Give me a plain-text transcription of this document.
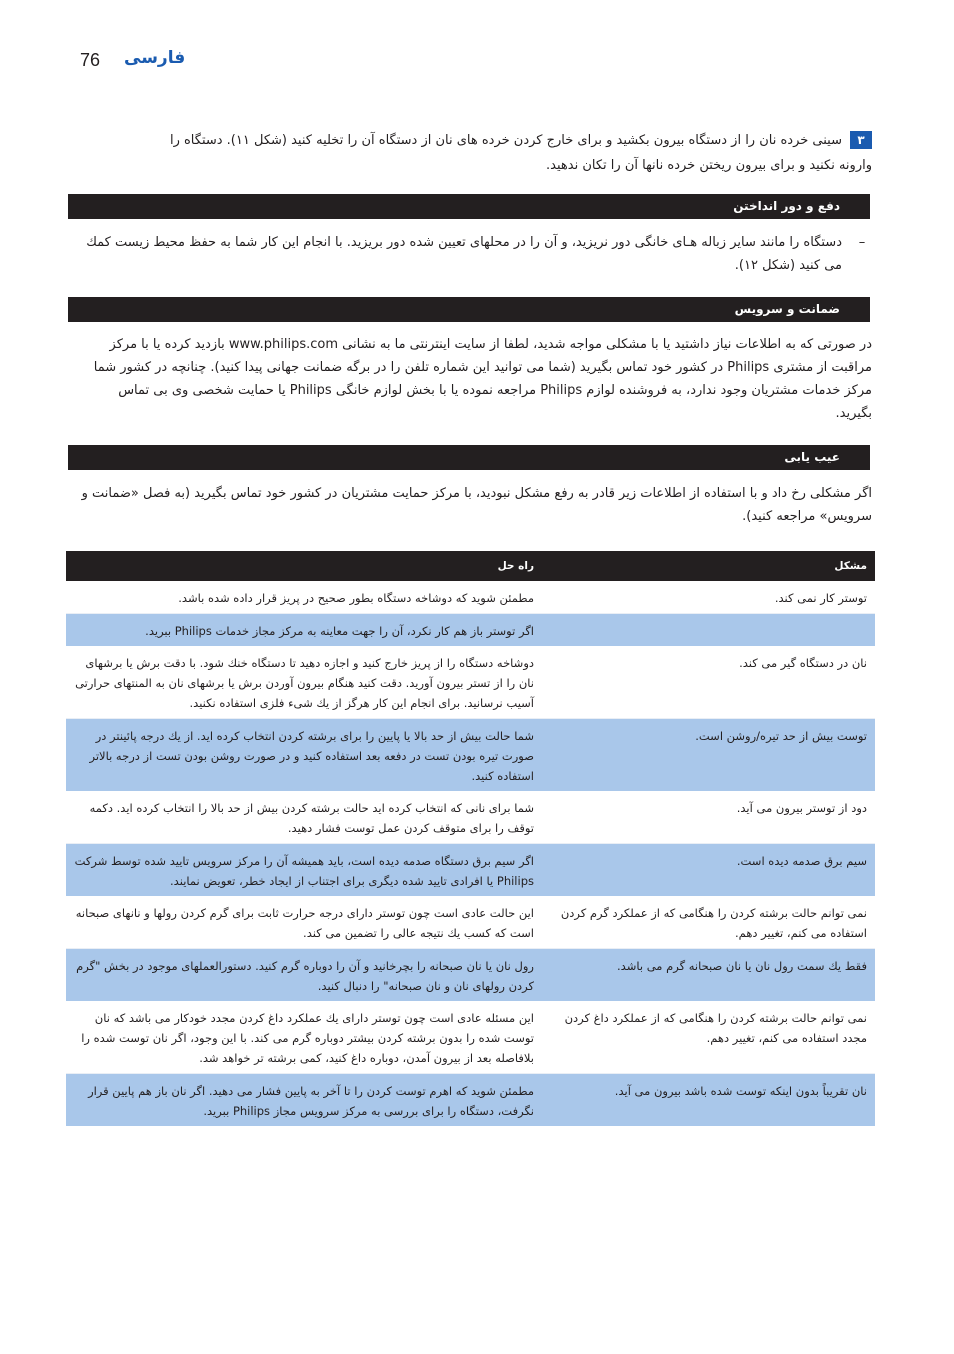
76	فارسی
۳
سینی خرده نان را از دستگاه بیرون بکشید و برای خارج کردن خرده های نان از دستگاه آن را تخلیه کنید (شکل ۱۱). دستگاه را وارونه نکنید و برای بیرون ریختن خرده نانها آن را تکان ندهید.
دفع و دور انداختن
–
دستگاه را مانند سایر زباله هـای خانگی دور نریزید، و آن را در محلهای تعیین شده دور بریزید. با انجام این کار شما به حفظ محیط زیست کمك می کنید (شکل ۱۲).
ضمانت و سرویس
در صورتی که به اطلاعات نیاز داشتید یا با مشکلی مواجه شدید، لطفا از سایت اینترنتی ما به نشانی www.philips.com بازدید کرده یا با مرکز مراقبت از مشتری Philips در کشور خود تماس بگیرید (شما می توانید این شماره تلفن را در برگه ضمانت جهانی پیدا کنید). چنانچه در کشور شما مرکز خدمات مشتریان وجود ندارد، به فروشنده لوازم Philips مراجعه نموده یا با بخش لوازم خانگی Philips یا حمایت شخصی وی بی تماس بگیرید.
عیب یابی
اگر مشکلی رخ داد و با استفاده از اطلاعات زیر قادر به رفع مشکل نبودید، با مرکز حمایت مشتریان در کشور خود تماس بگیرید (به فصل «ضمانت و سرویس» مراجعه کنید).
مشکل	راه حل
توستر کار نمی کند.	مطمئن شوید که دوشاخه دستگاه بطور صحیح در پریز قرار داده شده باشد.
	اگر توستر باز هم کار نکرد، آن را جهت معاینه به مرکز مجاز خدمات Philips ببرید.
نان در دستگاه گیر می کند.	دوشاخه دستگاه را از پریز خارج کنید و اجازه دهید تا دستگاه خنك شود. با دقت برش یا برشهای نان را از تستر بیرون آورید. دقت کنید هنگام بیرون آوردن برش یا برشهای نان به المنتهای حرارتی آسیب نرسانید. برای انجام این کار هرگز از یك شیء فلزی استفاده نکنید.
توست بیش از حد تیره/روشن است.	شما حالت بیش از حد بالا یا پایین را برای برشته کردن انتخاب کرده اید. از یك درجه پائینتر در صورت تیره بودن تست در دفعه بعد استفاده کنید و در صورت روشن بودن تست از درجه بالاتر استفاده کنید.
دود از توستر بیرون می آید.	شما برای نانی که انتخاب کرده اید حالت برشته کردن بیش از حد بالا را انتخاب کرده اید. دکمه توقف را برای متوقف کردن عمل توست فشار دهید.
سیم برق صدمه دیده است.	اگر سیم برق دستگاه صدمه دیده است، باید همیشه آن را مرکز سرویس تایید شده توسط شرکت Philips یا افرادی تایید شده دیگری برای اجتناب از ایجاد خطر، تعویض نمایند.
نمی توانم حالت برشته کردن را هنگامی که از عملکرد گرم کردن استفاده می کنم، تغییر دهم.	این حالت عادی است چون توستر دارای درجه حرارت ثابت برای گرم کردن رولها و نانهای صبحانه است که کسب یك نتیجه عالی را تضمین می کند.
فقط یك سمت رول نان یا نان صبحانه گرم می باشد.	رول نان یا نان صبحانه را بچرخانید و آن را دوباره گرم کنید. دستورالعملهای موجود در بخش "گرم کردن رولهای نان و نان صبحانه" را دنبال کنید.
نمی توانم حالت برشته کردن را هنگامی که از عملکرد داغ کردن مجدد استفاده می کنم، تغییر دهم.	این مسئله عادی است چون توستر دارای یك عملکرد داغ کردن مجدد خودکار می باشد که نان توست شده را بدون برشته کردن بیشتر دوباره گرم می کند. با این وجود، اگر نان توست شده را بلافاصله بعد از بیرون آمدن، دوباره داغ کنید، کمی برشته تر خواهد شد.
نان تقریباً بدون اینکه توست شده باشد بیرون می آید.	مطمئن شوید که اهرم توست کردن را تا آخر به پایین فشار می دهید. اگر نان باز هم پایین قرار نگرفت، دستگاه را برای بررسی به مرکز سرویس مجاز Philips ببرید.
